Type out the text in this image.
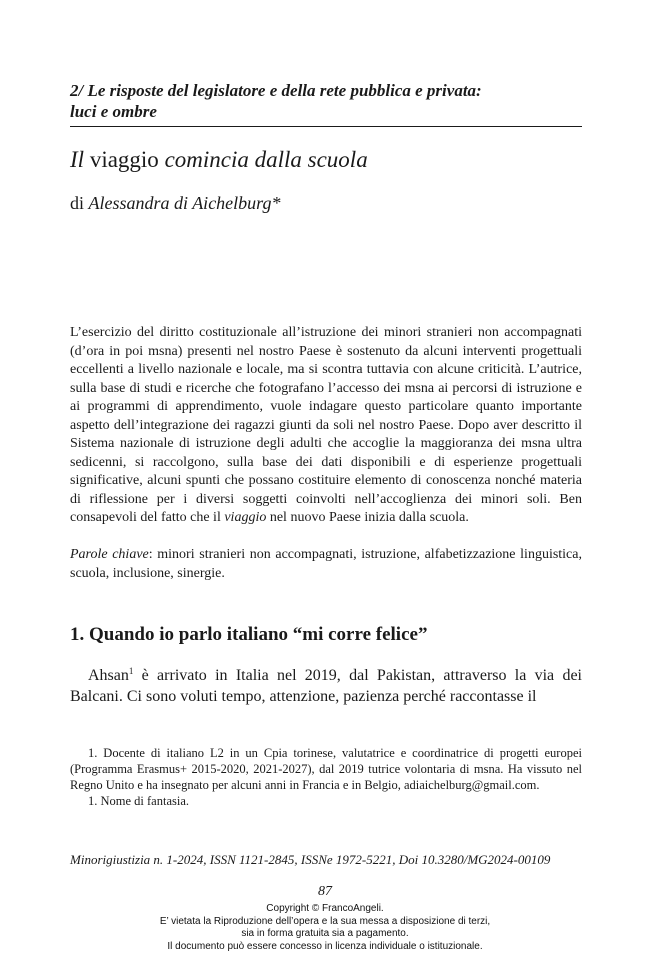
2/ Le risposte del legislatore e della rete pubblica e privata:
luci e ombre
Il viaggio comincia dalla scuola
di Alessandra di Aichelburg*

L’esercizio del diritto costituzionale all’istruzione dei minori stranieri non accompagnati (d’ora in poi msna) presenti nel nostro Paese è sostenuto da alcuni interventi progettuali eccellenti a livello nazionale e locale, ma si scontra tuttavia con alcune criticità. L’autrice, sulla base di studi e ricerche che fotografano l’accesso dei msna ai percorsi di istruzione e ai programmi di apprendimento, vuole indagare questo particolare quanto importante aspetto dell’integrazione dei ragazzi giunti da soli nel nostro Paese. Dopo aver descritto il Sistema nazionale di istruzione degli adulti che accoglie la maggioranza dei msna ultra sedicenni, si raccolgono, sulla base dei dati disponibili e di esperienze progettuali significative, alcuni spunti che possano costituire elemento di conoscenza nonché materia di riflessione per i diversi soggetti coinvolti nell’accoglienza dei minori soli. Ben consapevoli del fatto che il viaggio nel nuovo Paese inizia dalla scuola.

Parole chiave: minori stranieri non accompagnati, istruzione, alfabetizzazione linguistica, scuola, inclusione, sinergie.

1. Quando io parlo italiano “mi corre felice”

Ahsan$^1$ è arrivato in Italia nel 2019, dal Pakistan, attraverso la via dei Balcani. Ci sono voluti tempo, attenzione, pazienza perché raccontasse il

1. Docente di italiano L2 in un Cpia torinese, valutatrice e coordinatrice di progetti europei (Programma Erasmus+ 2015-2020, 2021-2027), dal 2019 tutrice volontaria di msna. Ha vissuto nel Regno Unito e ha insegnato per alcuni anni in Francia e in Belgio, adiaichelburg@gmail.com.

1. Nome di fantasia.

Minorigiustizia n. 1-2024, ISSN 1121-2845, ISSNe 1972-5221, Doi 10.3280/MG2024-00109
87
Copyright © FrancoAngeli.
E’ vietata la Riproduzione dell’opera e la sua messa a disposizione di terzi,
sia in forma gratuita sia a pagamento.
Il documento può essere concesso in licenza individuale o istituzionale.
